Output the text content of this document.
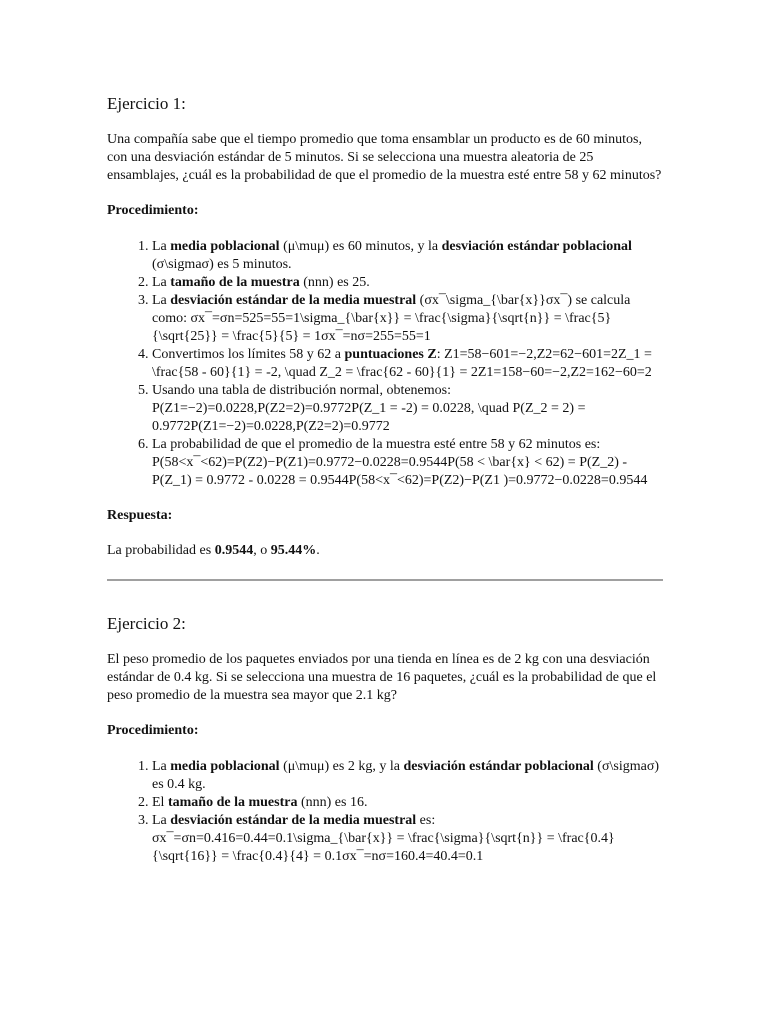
Ejercicio 1:

Una compañía sabe que el tiempo promedio que toma ensamblar un producto es de 60 minutos, con una desviación estándar de 5 minutos. Si se selecciona una muestra aleatoria de 25 ensamblajes, ¿cuál es la probabilidad de que el promedio de la muestra esté entre 58 y 62 minutos?

Procedimiento:

1. La media poblacional (μ\muμ) es 60 minutos, y la desviación estándar poblacional (σ\sigmaσ) es 5 minutos.
2. La tamaño de la muestra (nnn) es 25.
3. La desviación estándar de la media muestral (σx¯\sigma_{\bar{x}}σx¯) se calcula como: σx¯=σn=525=55=1\sigma_{\bar{x}} = \frac{\sigma}{\sqrt{n}} = \frac{5}{\sqrt{25}} = \frac{5}{5} = 1σx¯=nσ=255=55=1
4. Convertimos los límites 58 y 62 a puntuaciones Z: Z1=58−601=−2,Z2=62−601=2Z_1 = \frac{58 - 60}{1} = -2, \quad Z_2 = \frac{62 - 60}{1} = 2Z1=158−60=−2,Z2=162−60=2
5. Usando una tabla de distribución normal, obtenemos: P(Z1=−2)=0.0228,P(Z2=2)=0.9772P(Z_1 = -2) = 0.0228, \quad P(Z_2 = 2) = 0.9772P(Z1=−2)=0.0228,P(Z2=2)=0.9772
6. La probabilidad de que el promedio de la muestra esté entre 58 y 62 minutos es: P(58<x¯<62)=P(Z2)−P(Z1)=0.9772−0.0228=0.9544P(58 < \bar{x} < 62) = P(Z_2) - P(Z_1) = 0.9772 - 0.0228 = 0.9544P(58<x¯<62)=P(Z2)−P(Z1 )=0.9772−0.0228=0.9544

Respuesta:

La probabilidad es 0.9544, o 95.44%.

Ejercicio 2:

El peso promedio de los paquetes enviados por una tienda en línea es de 2 kg con una desviación estándar de 0.4 kg. Si se selecciona una muestra de 16 paquetes, ¿cuál es la probabilidad de que el peso promedio de la muestra sea mayor que 2.1 kg?

Procedimiento:

1. La media poblacional (μ\muμ) es 2 kg, y la desviación estándar poblacional (σ\sigmaσ) es 0.4 kg.
2. El tamaño de la muestra (nnn) es 16.
3. La desviación estándar de la media muestral es: σx¯=σn=0.416=0.44=0.1\sigma_{\bar{x}} = \frac{\sigma}{\sqrt{n}} = \frac{0.4}{\sqrt{16}} = \frac{0.4}{4} = 0.1σx¯=nσ=160.4=40.4=0.1
